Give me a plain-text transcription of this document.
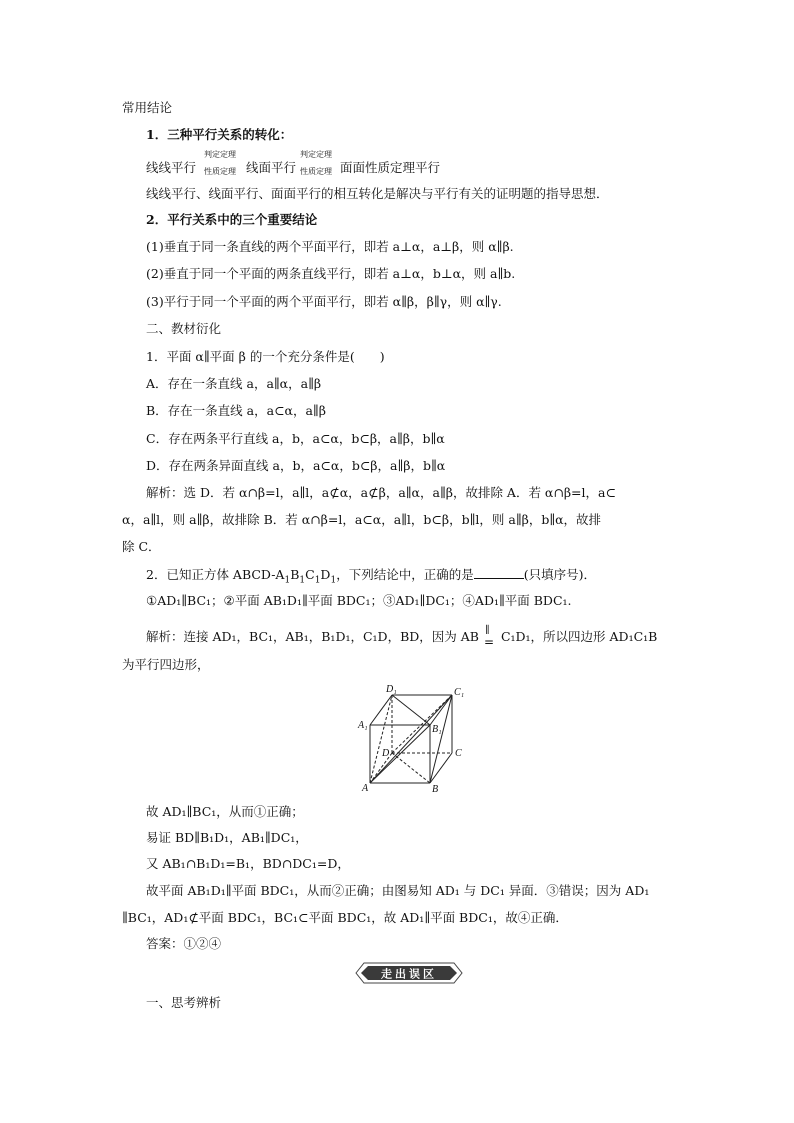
常用结论
1．三种平行关系的转化：
线线平行
判定定理
性质定理 线面平行
判定定理
性质定理 面面性质定理平行
线线平行、线面平行、面面平行的相互转化是解决与平行有关的证明题的指导思想．
2．平行关系中的三个重要结论
(1)垂直于同一条直线的两个平面平行，即若 a⊥α，a⊥β，则 α∥β.
(2)垂直于同一个平面的两条直线平行，即若 a⊥α，b⊥α，则 a∥b.
(3)平行于同一个平面的两个平面平行，即若 α∥β，β∥γ，则 α∥γ.
二、教材衍化
1．平面 α∥平面 β 的一个充分条件是(　　)
A．存在一条直线 a，a∥α，a∥β
B．存在一条直线 a，a⊂α，a∥β
C．存在两条平行直线 a，b，a⊂α，b⊂β，a∥β，b∥α
D．存在两条异面直线 a，b，a⊂α，b⊂β，a∥β，b∥α
解析：选 D．若 α∩β=l，a∥l，a⊄α，a⊄β，a∥α，a∥β，故排除 A．若 α∩β=l，a⊂
α，a∥l，则 a∥β，故排除 B．若 α∩β=l，a⊂α，a∥l，b⊂β，b∥l，则 a∥β，b∥α，故排
除 C．
2．已知正方体 ABCD-$A_1B_1C_1D_1$，下列结论中，正确的是	(只填序号)．
①AD₁∥BC₁；②平面 AB₁D₁∥平面 BDC₁；③AD₁∥DC₁；④AD₁∥平面 BDC₁.
解析：连接 AD₁，BC₁，AB₁，B₁D₁，C₁D，BD，因为 AB ∥
= C₁D₁，所以四边形 AD₁C₁B
为平行四边形，
D₁	C₁
A₁	B₁
D	C
A	B
故 AD₁∥BC₁，从而①正确；
易证 BD∥B₁D₁，AB₁∥DC₁，
又 AB₁∩B₁D₁=B₁，BD∩DC₁=D，
故平面 AB₁D₁∥平面 BDC₁，从而②正确；由图易知 AD₁ 与 DC₁ 异面．③错误；因为 AD₁
∥BC₁，AD₁⊄平面 BDC₁，BC₁⊂平面 BDC₁，故 AD₁∥平面 BDC₁，故④正确．
答案：①②④
走出误区
一、思考辨析
